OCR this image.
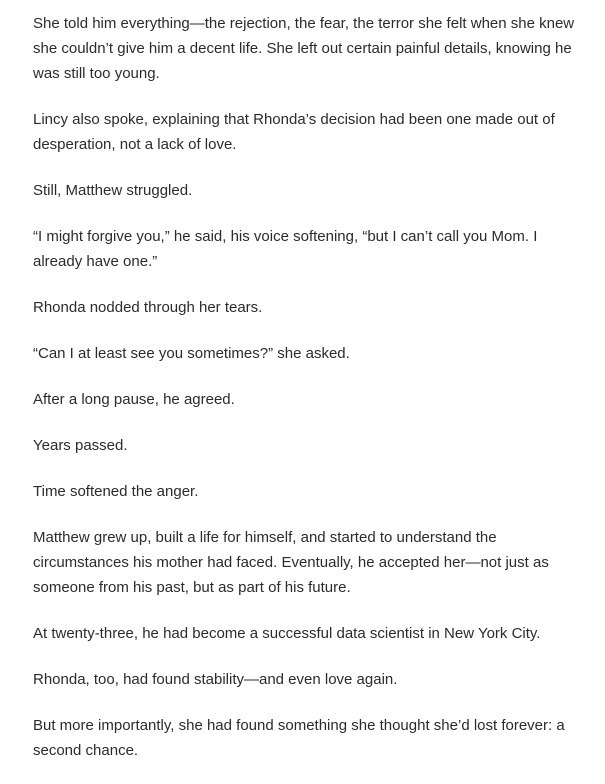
She told him everything—the rejection, the fear, the terror she felt when she knew she couldn’t give him a decent life. She left out certain painful details, knowing he was still too young.

Lincy also spoke, explaining that Rhonda’s decision had been one made out of desperation, not a lack of love.

Still, Matthew struggled.

“I might forgive you,” he said, his voice softening, “but I can’t call you Mom. I already have one.”

Rhonda nodded through her tears.

“Can I at least see you sometimes?” she asked.

After a long pause, he agreed.

Years passed.

Time softened the anger.

Matthew grew up, built a life for himself, and started to understand the circumstances his mother had faced. Eventually, he accepted her—not just as someone from his past, but as part of his future.

At twenty-three, he had become a successful data scientist in New York City.

Rhonda, too, had found stability—and even love again.

But more importantly, she had found something she thought she’d lost forever: a second chance.
